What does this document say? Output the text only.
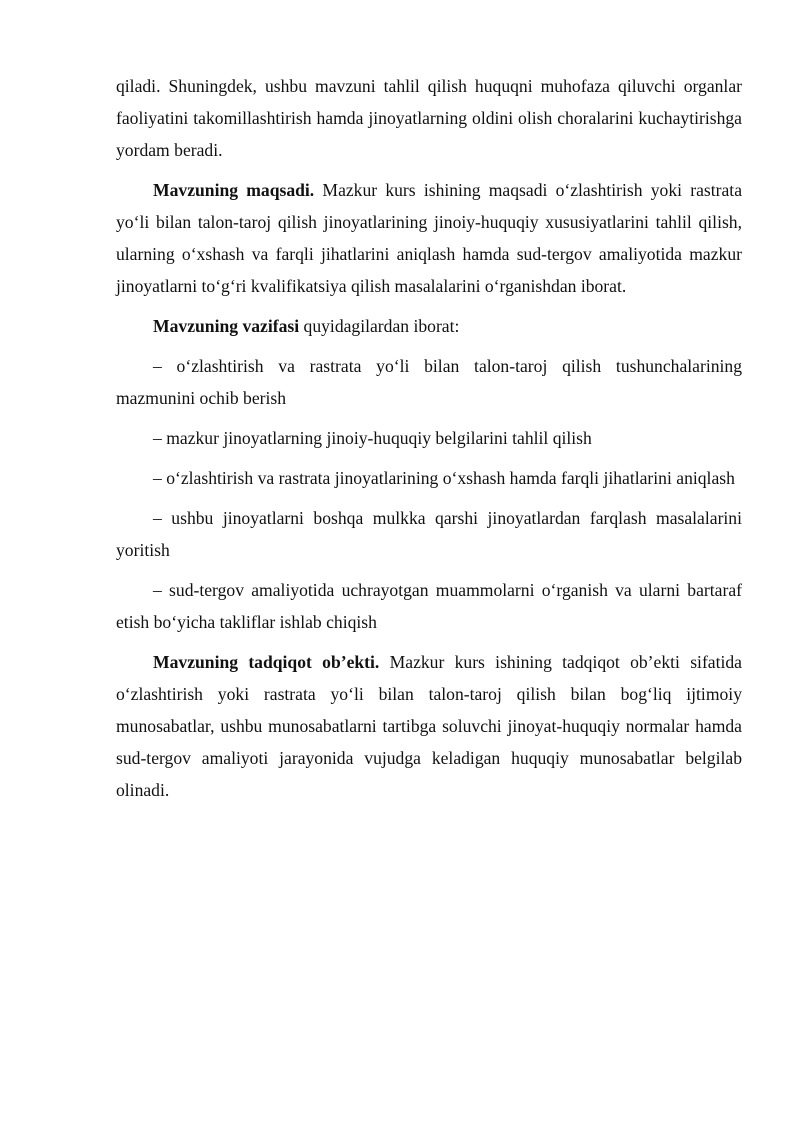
qiladi. Shuningdek, ushbu mavzuni tahlil qilish huquqni muhofaza qiluvchi organlar faoliyatini takomillashtirish hamda jinoyatlarning oldini olish choralarini kuchaytirishga yordam beradi.

Mavzuning maqsadi. Mazkur kurs ishining maqsadi o‘zlashtirish yoki rastrata yo‘li bilan talon-taroj qilish jinoyatlarining jinoiy-huquqiy xususiyatlarini tahlil qilish, ularning o‘xshash va farqli jihatlarini aniqlash hamda sud-tergov amaliyotida mazkur jinoyatlarni to‘g‘ri kvalifikatsiya qilish masalalarini o‘rganishdan iborat.

Mavzuning vazifasi quyidagilardan iborat:

– o‘zlashtirish va rastrata yo‘li bilan talon-taroj qilish tushunchalarining mazmunini ochib berish

– mazkur jinoyatlarning jinoiy-huquqiy belgilarini tahlil qilish

– o‘zlashtirish va rastrata jinoyatlarining o‘xshash hamda farqli jihatlarini aniqlash

– ushbu jinoyatlarni boshqa mulkka qarshi jinoyatlardan farqlash masalalarini yoritish

– sud-tergov amaliyotida uchrayotgan muammolarni o‘rganish va ularni bartaraf etish bo‘yicha takliflar ishlab chiqish

Mavzuning tadqiqot ob’ekti. Mazkur kurs ishining tadqiqot ob’ekti sifatida o‘zlashtirish yoki rastrata yo‘li bilan talon-taroj qilish bilan bog‘liq ijtimoiy munosabatlar, ushbu munosabatlarni tartibga soluvchi jinoyat-huquqiy normalar hamda sud-tergov amaliyoti jarayonida vujudga keladigan huquqiy munosabatlar belgilab olinadi.
